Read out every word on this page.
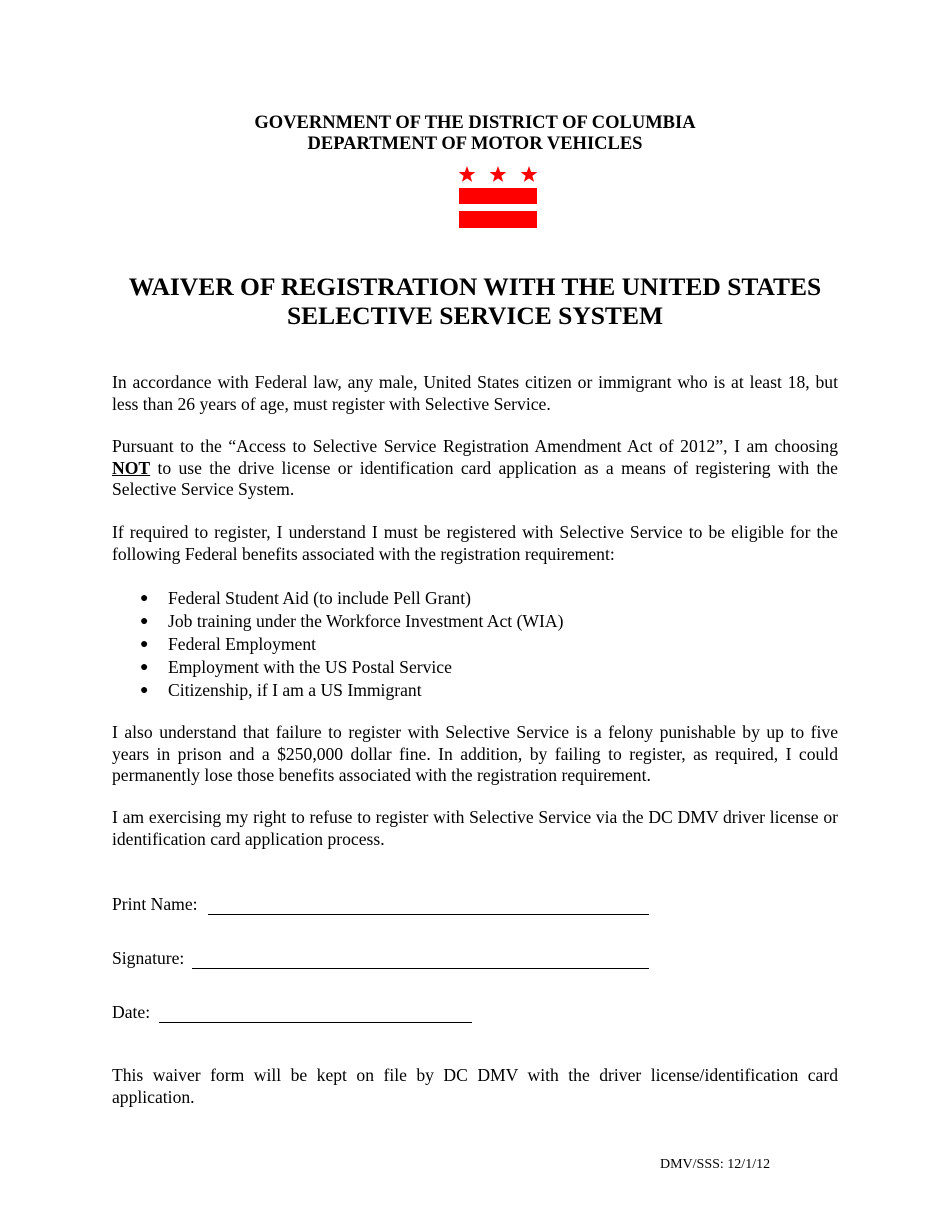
GOVERNMENT OF THE DISTRICT OF COLUMBIA
DEPARTMENT OF MOTOR VEHICLES
WAIVER OF REGISTRATION WITH THE UNITED STATES
SELECTIVE SERVICE SYSTEM

In accordance with Federal law, any male, United States citizen or immigrant who is at least 18, but less than 26 years of age, must register with Selective Service.

Pursuant to the “Access to Selective Service Registration Amendment Act of 2012”, I am choosing NOT to use the drive license or identification card application as a means of registering with the Selective Service System.

If required to register, I understand I must be registered with Selective Service to be eligible for the following Federal benefits associated with the registration requirement:

● Federal Student Aid (to include Pell Grant)
● Job training under the Workforce Investment Act (WIA)
● Federal Employment
● Employment with the US Postal Service
● Citizenship, if I am a US Immigrant

I also understand that failure to register with Selective Service is a felony punishable by up to five years in prison and a $250,000 dollar fine. In addition, by failing to register, as required, I could permanently lose those benefits associated with the registration requirement.

I am exercising my right to refuse to register with Selective Service via the DC DMV driver license or identification card application process.

Print Name:
Signature:
Date:

This waiver form will be kept on file by DC DMV with the driver license/identification card application.

DMV/SSS: 12/1/12
